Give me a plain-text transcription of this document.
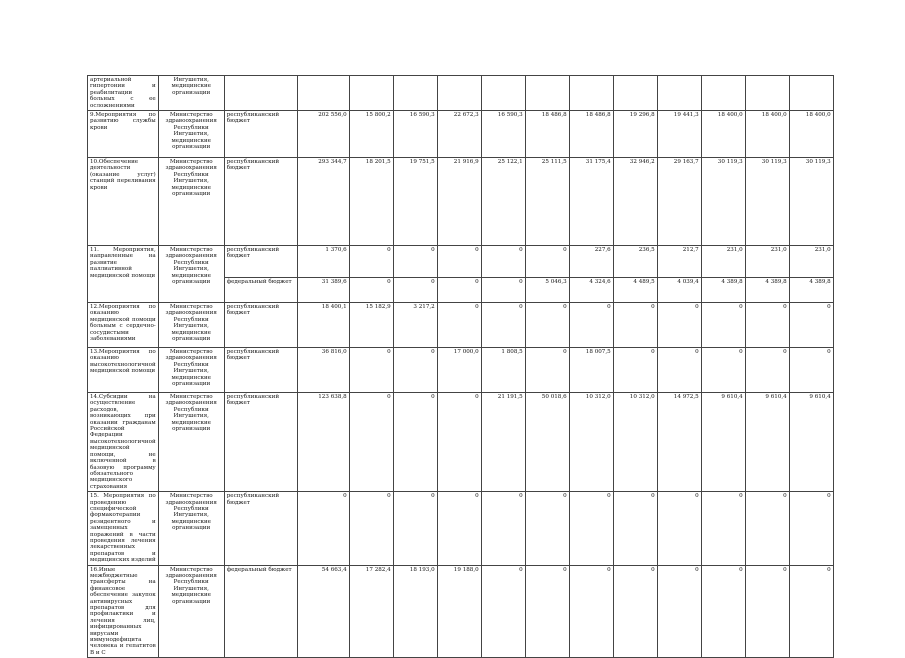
артериальной гипертонии и реабилитации больных с ее осложнениями	Ингушетия, медицинские организации													
9.Мероприятия по развитию службы крови	Министерство здравоохранения Республики Ингушетия, медицинские организации	республиканский бюджет	202 556,0	15 800,2	16 590,3	22 672,3	16 590,3	18 486,8	18 486,8	19 296,8	19 441,3	18 400,0	18 400,0	18 400,0
10.Обеспечение деятельности (оказание услуг) станций переливания крови	Министерство здравоохранения Республики Ингушетия, медицинские организации	республиканский бюджет	293 344,7	18 201,5	19 751,5	21 916,9	25 122,1	25 111,5	31 175,4	32 946,2	29 163,7	30 119,3	30 119,3	30 119,3
11. Мероприятия, направленные на развитие паллиативной медицинской помощи	Министерство здравоохранения Республики Ингушетия, медицинские организации	республиканский бюджет	1 370,6	0	0	0	0	0	227,6	236,5	212,7	231,0	231,0	231,0
		федеральный бюджет	31 389,6	0	0	0	0	5 046,3	4 324,6	4 489,5	4 039,4	4 389,8	4 389,8	4 389,8
12.Мероприятия по оказанию медицинской помощи больным с сердечно-сосудистыми заболеваниями	Министерство здравоохранения Республики Ингушетия, медицинские организации	республиканский бюджет	18 400,1	15 182,9	3 217,2	0	0	0	0	0	0	0	0	0
13.Мероприятия по оказанию высокотехнологичной медицинской помощи	Министерство здравоохранения Республики Ингушетия, медицинские организации	республиканский бюджет	36 816,0	0	0	17 000,0	1 808,5	0	18 007,5	0	0	0	0	0
14.Субсидии на осуществление расходов, возникающих при оказании гражданам Российской Федерации высокотехнологичной медицинской помощи, не включенной в базовую программу обязательного медицинского страхования	Министерство здравоохранения Республики Ингушетия, медицинские организации	республиканский бюджет	123 638,8	0	0	0	21 191,5	50 018,6	10 312,0	10 312,0	14 972,5	9 610,4	9 610,4	9 610,4
15. Мероприятия по проведению специфической формакотерапии резидентного и замещенных поражений в части проведения лечения лекарственных препаратов и медицинских изделий	Министерство здравоохранения Республики Ингушетия, медицинские организации	республиканский бюджет	0	0	0	0	0	0	0	0	0	0	0	0
16.Иные межбюджетные трансферты на финансовое обеспечение закупок антивирусных препаратов для профилактики и лечения лиц, инфицированных вирусами иммунодефицита человека и гепатитов В и С	Министерство здравоохранения Республики Ингушетия, медицинские организации	федеральный бюджет	54 663,4	17 282,4	18 193,0	19 188,0	0	0	0	0	0	0	0	0
